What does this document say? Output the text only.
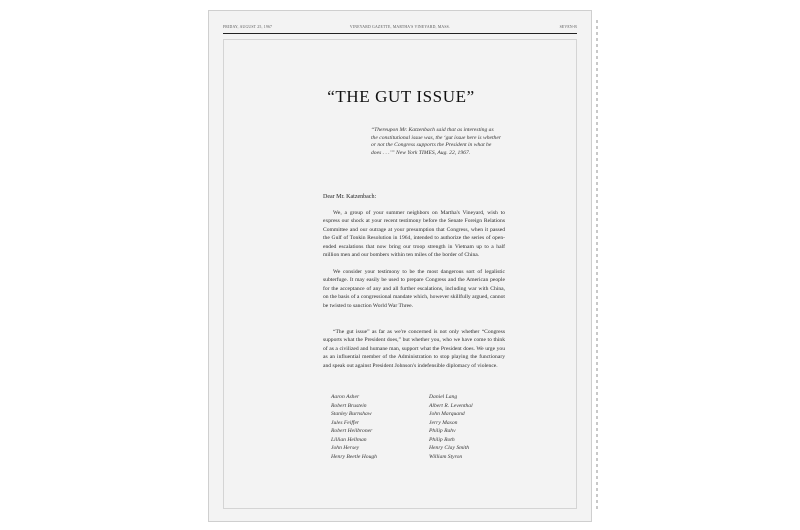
FRIDAY, AUGUST 25, 1967	VINEYARD GAZETTE, MARTHA'S VINEYARD, MASS.	SEVEN-B
“THE GUT ISSUE”
“Thereupon Mr. Katzenbach said that as interesting as the constitutional issue was, the ‘gut issue here is whether or not the Congress supports the President in what he does . . .’” New York TIMES, Aug. 22, 1967.
Dear Mr. Katzenbach:
We, a group of your summer neighbors on Martha's Vineyard, wish to express our shock at your recent testimony before the Senate Foreign Relations Committee and our outrage at your presumption that Congress, when it passed the Gulf of Tonkin Resolution in 1964, intended to authorize the series of open-ended escalations that now bring our troop strength in Vietnam up to a half million men and our bombers within ten miles of the border of China.
We consider your testimony to be the most dangerous sort of legalistic subterfuge. It may easily be used to prepare Congress and the American people for the acceptance of any and all further escalations, including war with China, on the basis of a congressional mandate which, however skillfully argued, cannot be twisted to sanction World War Three.
“The gut issue” as far as we're concerned is not only whether “Congress supports what the President does,” but whether you, who we have come to think of as a civilized and humane man, support what the President does. We urge you as an influential member of the Administration to stop playing the functionary and speak out against President Johnson's indefensible diplomacy of violence.
Aaron Asher
Robert Brustein
Stanley Burnshaw
Jules Feiffer
Robert Heilbroner
Lillian Hellman
John Hersey
Henry Beetle Hough
Daniel Lang
Albert R. Leventhal
John Marquand
Jerry Mason
Philip Rahv
Philip Roth
Henry Clay Smith
William Styron
